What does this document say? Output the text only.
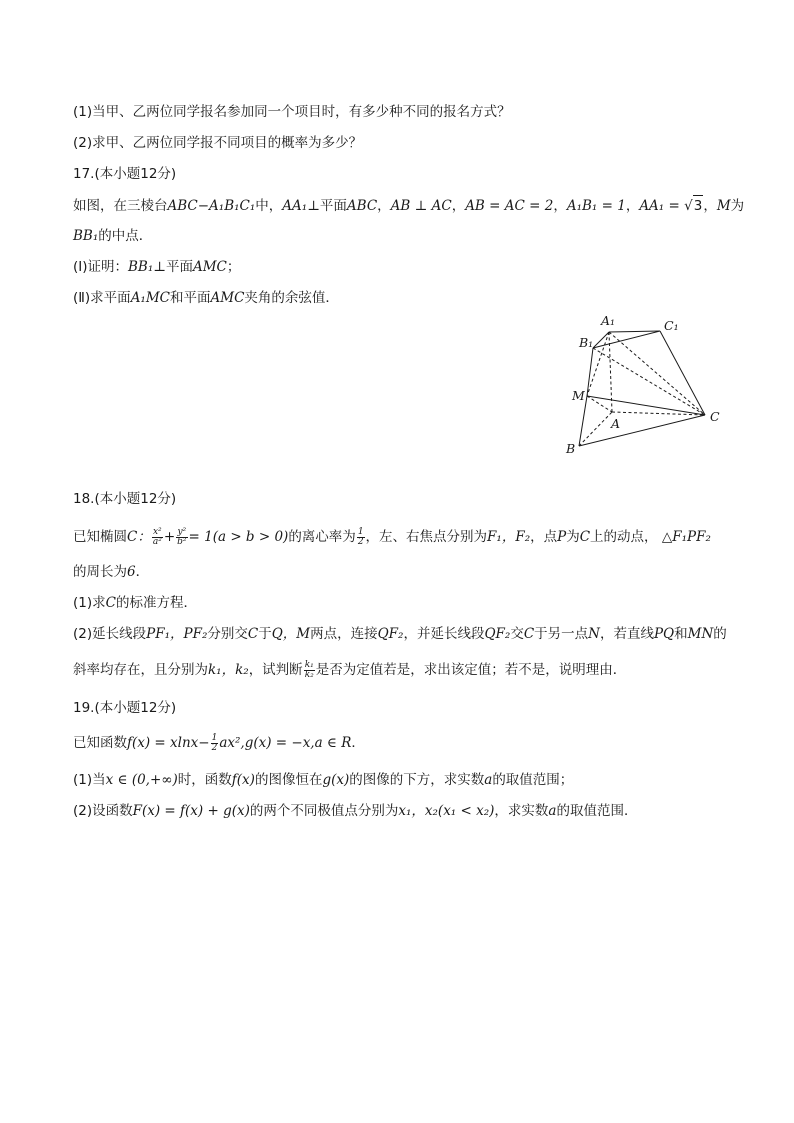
(1)当甲、乙两位同学报名参加同一个项目时，有多少种不同的报名方式？
(2)求甲、乙两位同学报不同项目的概率为多少？
17.(本小题12分)
如图，在三棱台ABC−A₁B₁C₁中，AA₁⊥平面ABC，AB ⊥ AC，AB = AC = 2，A₁B₁ = 1，AA₁ = √3，M为
BB₁的中点．
(Ⅰ)证明：BB₁⊥平面AMC；
(Ⅱ)求平面A₁MC和平面AMC夹角的余弦值．
A₁	C₁
B₁
M
A	C
B
18.(本小题12分)
已知椭圆C： $\frac{\text{x²}}{\text{a²}} + \frac{\text{y²}}{\text{b²}} = 1(a > b > 0)$的离心率为 $\frac{1}{2}$ ，左、右焦点分别为F₁，F₂，点P为C上的动点， △F₁PF₂
的周长为6．
(1)求C的标准方程．
(2)延长线段PF₁，PF₂分别交C于Q，M两点，连接QF₂，并延长线段QF₂交C于另一点N，若直线PQ和MN的
斜率均存在，且分别为k₁，k₂，试判断 $\frac{\text{k₁}}{\text{k₂}}$ 是否为定值若是，求出该定值；若不是，说明理由．
19.(本小题12分)
已知函数$f(x) = xlnx- \frac{1}{2} ax^2,g(x) = -x,a$ ∈ R．
(1)当x ∈ (0,+∞)时，函数f(x)的图像恒在g(x)的图像的下方，求实数a的取值范围；
(2)设函数F(x) = f(x) + g(x)的两个不同极值点分别为x₁，x₂(x₁ < x₂)，求实数a的取值范围．
